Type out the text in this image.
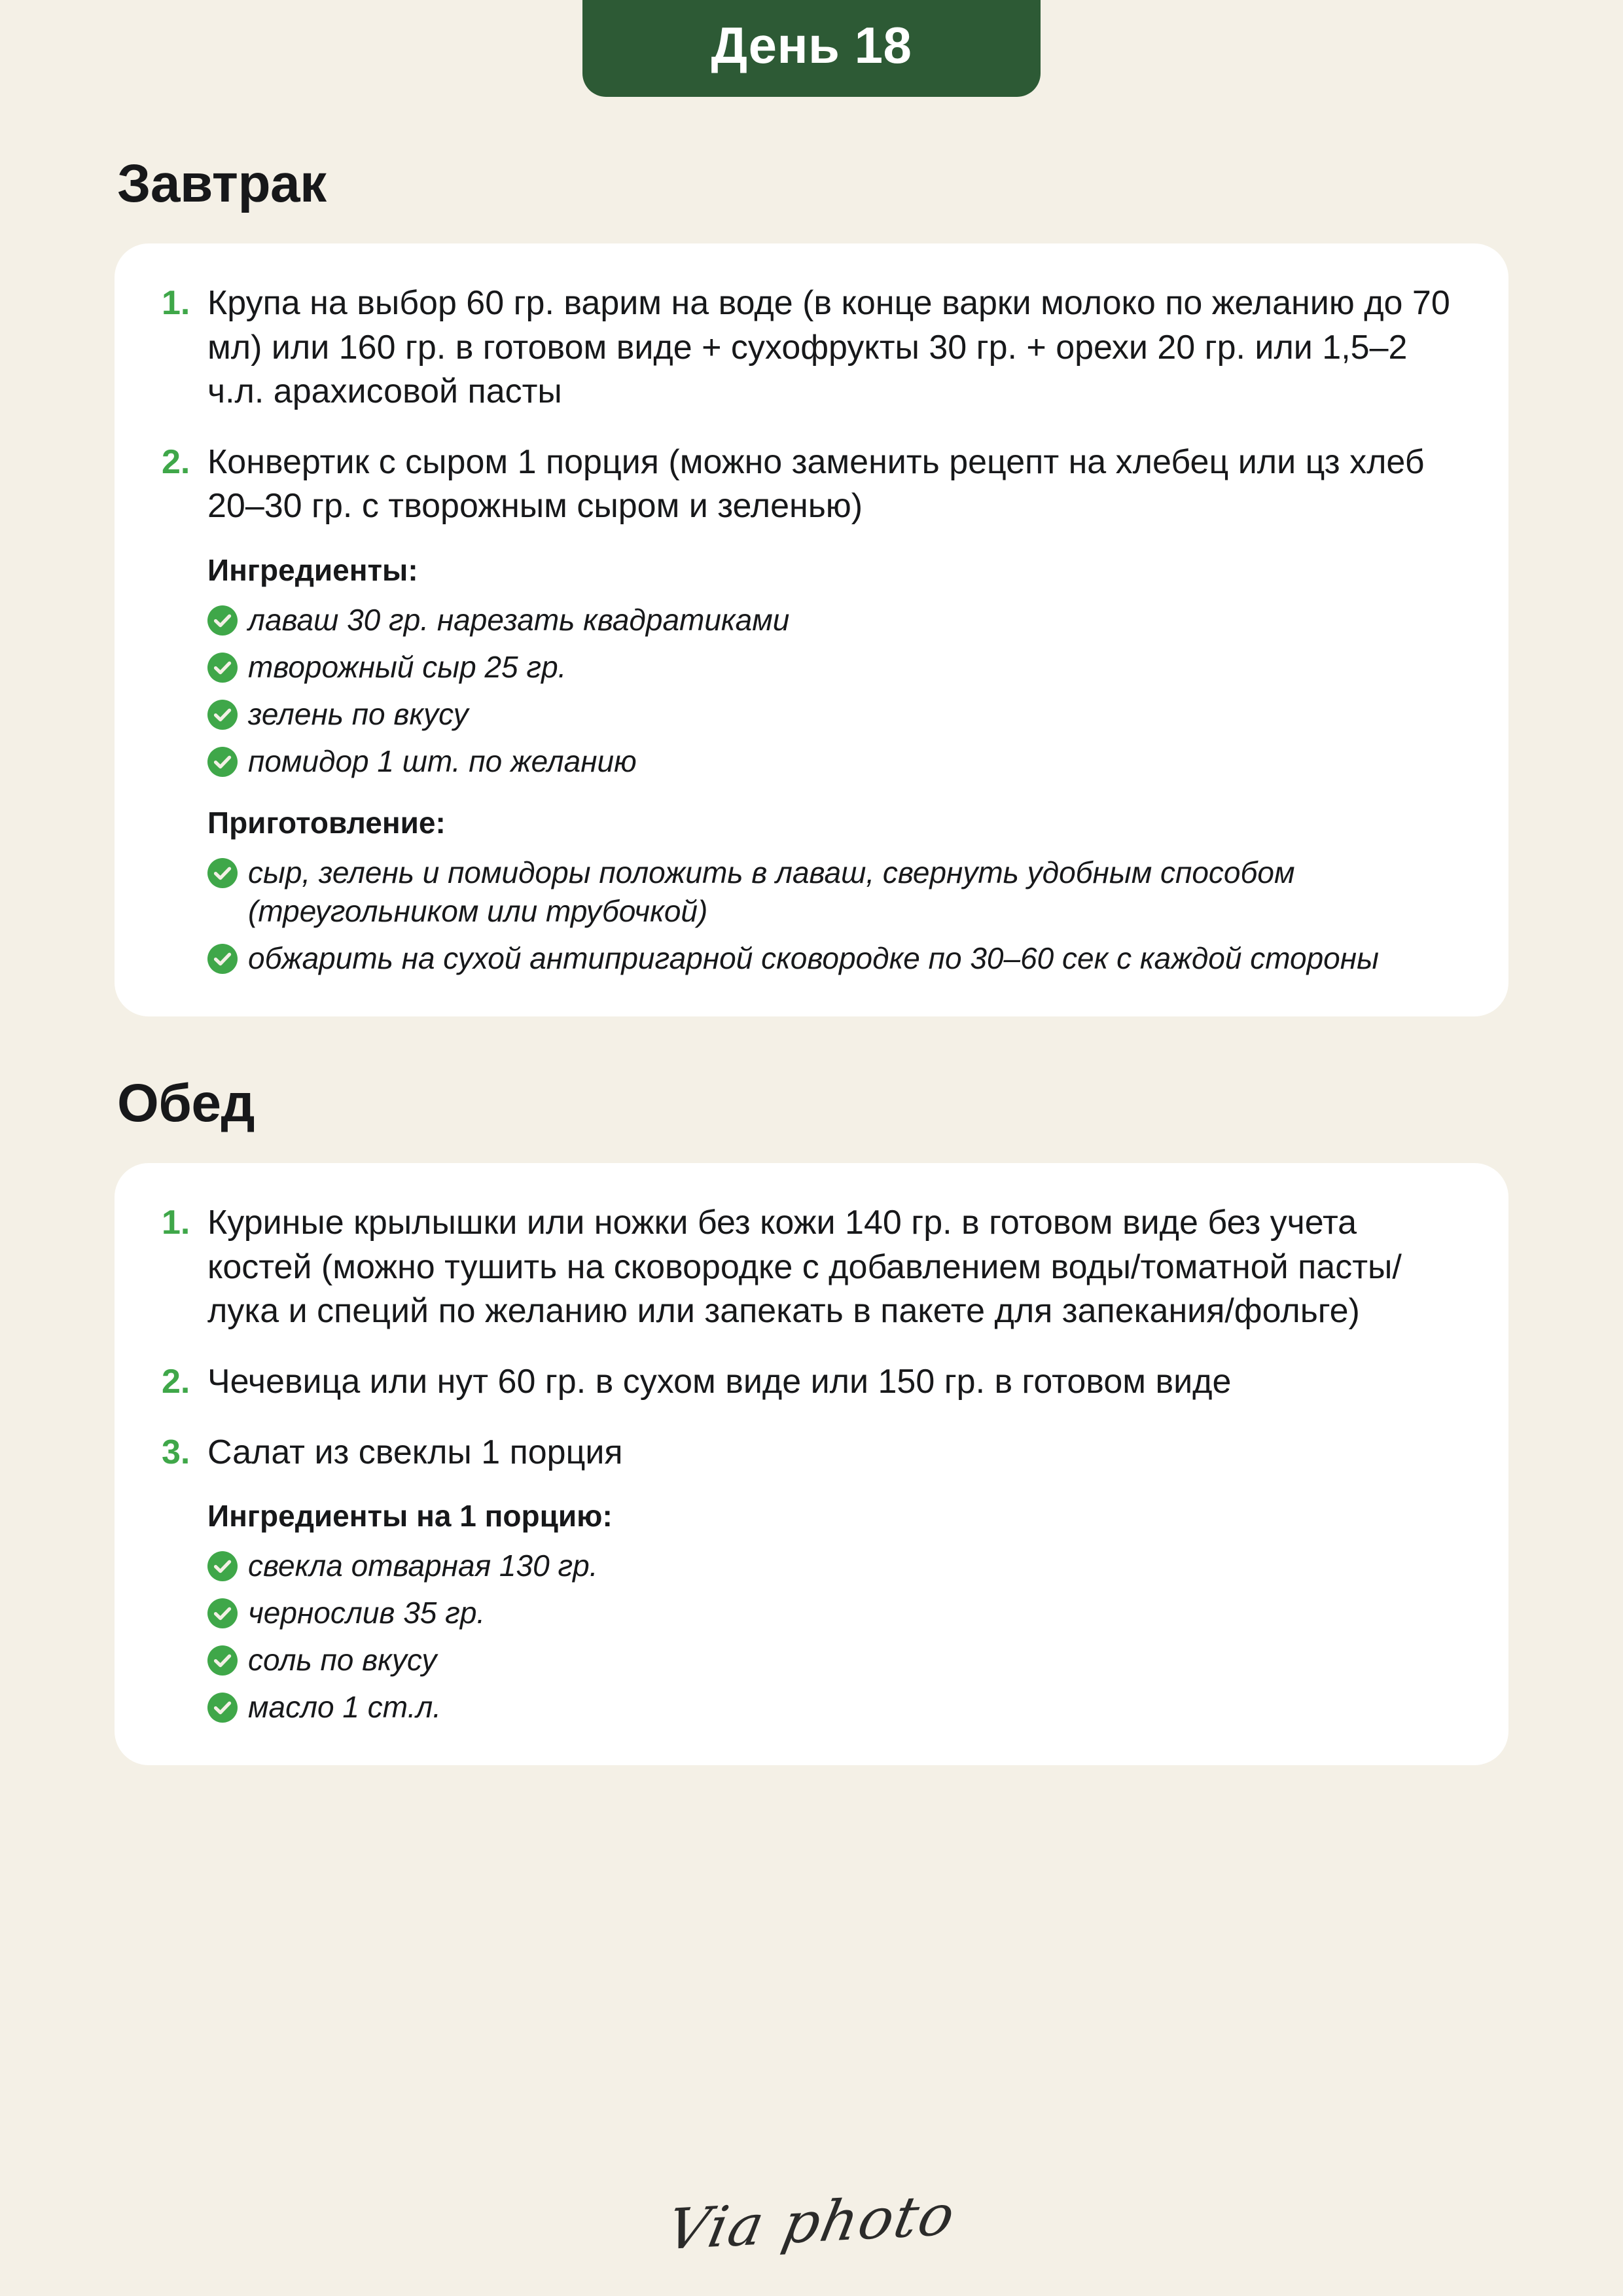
День 18
Завтрак
1. Крупа на выбор 60 гр. варим на воде (в конце варки молоко по желанию до 70 мл) или 160 гр. в готовом виде + сухофрукты 30 гр. + орехи 20 гр. или 1,5–2 ч.л. арахисовой пасты
2. Конвертик с сыром 1 порция (можно заменить рецепт на хлебец или цз хлеб 20–30 гр. с творожным сыром и зеленью)
Ингредиенты:
лаваш 30 гр. нарезать квадратиками
творожный сыр 25 гр.
зелень по вкусу
помидор 1 шт. по желанию
Приготовление:
сыр, зелень и помидоры положить в лаваш, свернуть удобным способом (треугольником или трубочкой)
обжарить на сухой антипригарной сковородке по 30–60 сек с каждой стороны
Обед
1. Куриные крылышки или ножки без кожи 140 гр. в готовом виде без учета костей (можно тушить на сковородке с добавлением воды/томатной пасты/лука и специй по желанию или запекать в пакете для запекания/фольге)
2. Чечевица или нут 60 гр. в сухом виде или 150 гр. в готовом виде
3. Салат из свеклы 1 порция
Ингредиенты на 1 порцию:
свекла отварная 130 гр.
чернослив 35 гр.
соль по вкусу
масло 1 ст.л.
Via photo
